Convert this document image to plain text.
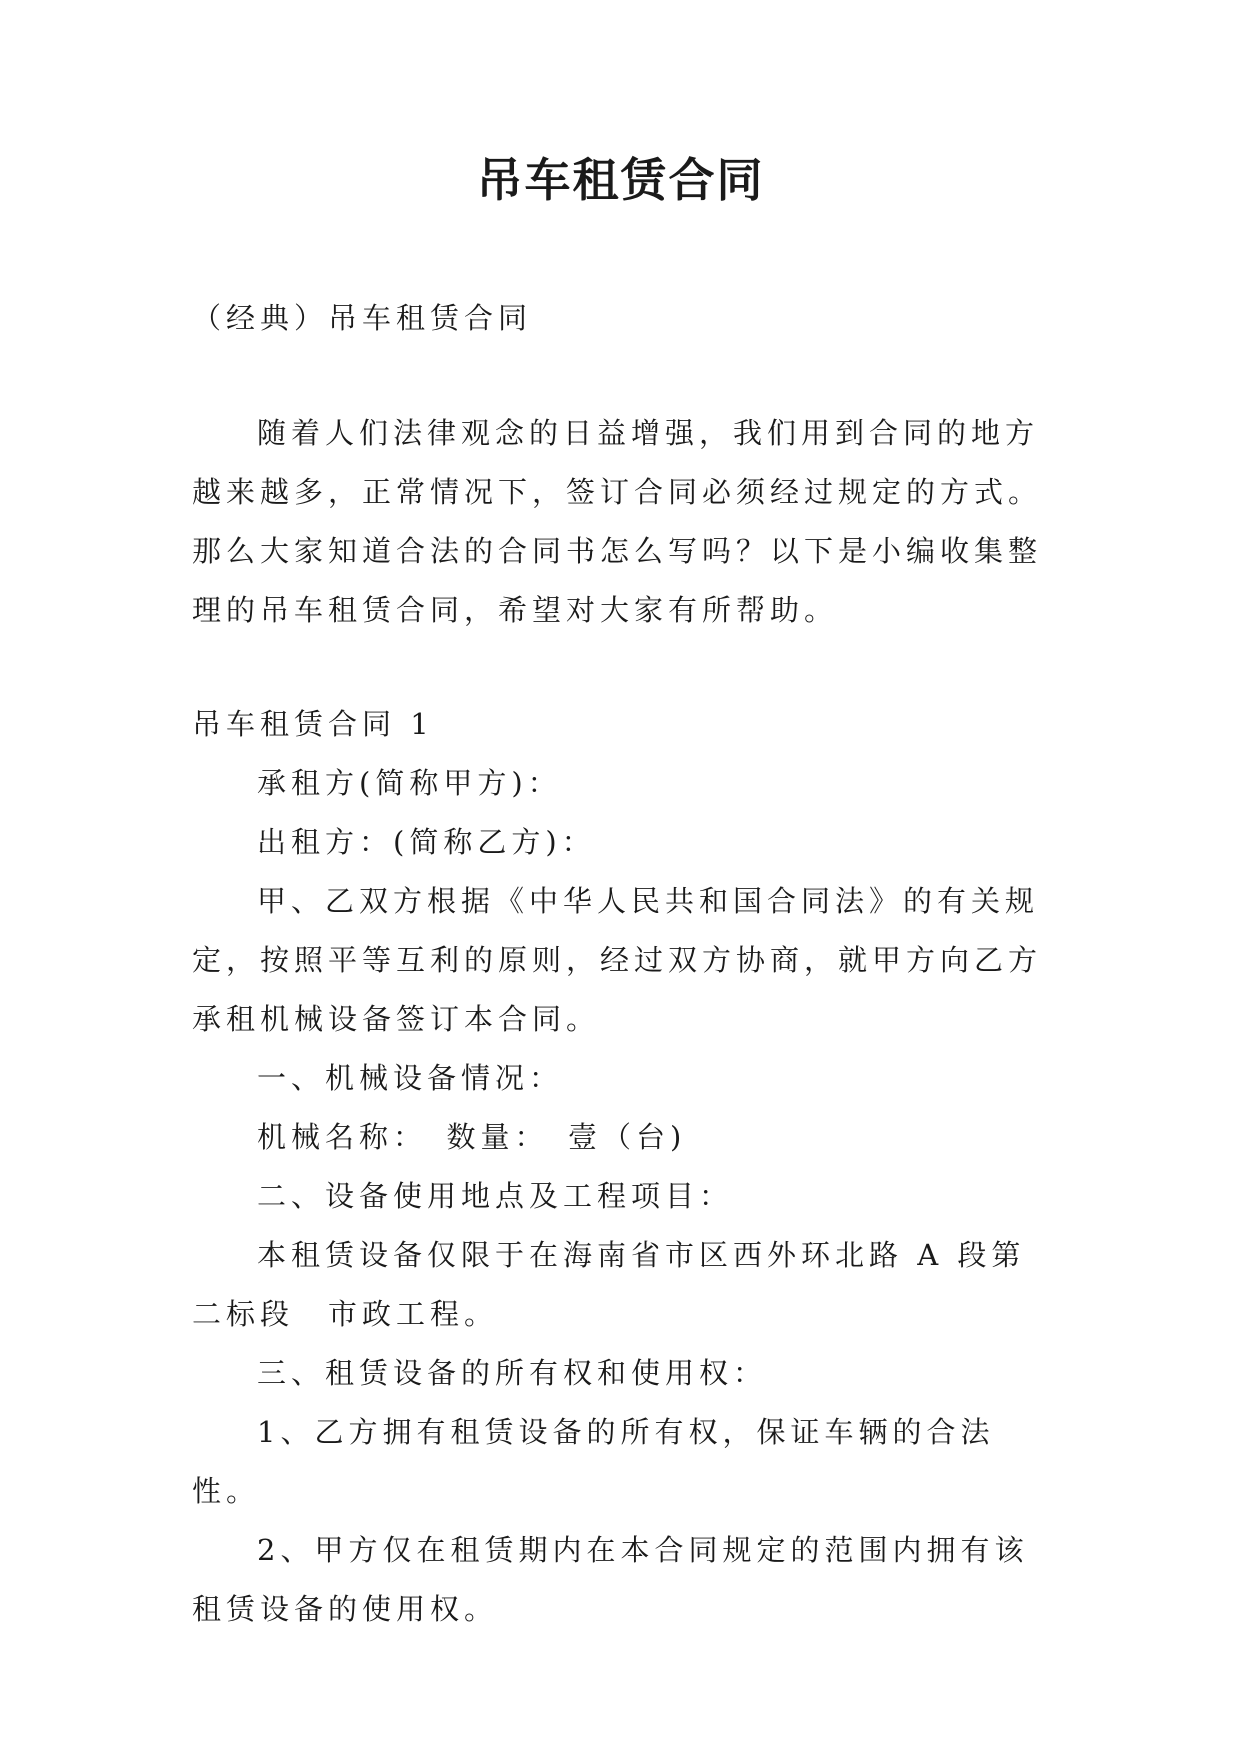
吊车租赁合同

（经典）吊车租赁合同

随着人们法律观念的日益增强，我们用到合同的地方越来越多，正常情况下，签订合同必须经过规定的方式。那么大家知道合法的合同书怎么写吗？以下是小编收集整理的吊车租赁合同，希望对大家有所帮助。

吊车租赁合同 1

承租方(简称甲方)：

出租方：(简称乙方)：

甲、乙双方根据《中华人民共和国合同法》的有关规定，按照平等互利的原则，经过双方协商，就甲方向乙方承租机械设备签订本合同。

一、机械设备情况：

机械名称：　数量：　壹（台)

二、设备使用地点及工程项目：

本租赁设备仅限于在海南省市区西外环北路 A 段第二标段　市政工程。

三、租赁设备的所有权和使用权：

1、乙方拥有租赁设备的所有权，保证车辆的合法性。

2、甲方仅在租赁期内在本合同规定的范围内拥有该租赁设备的使用权。
